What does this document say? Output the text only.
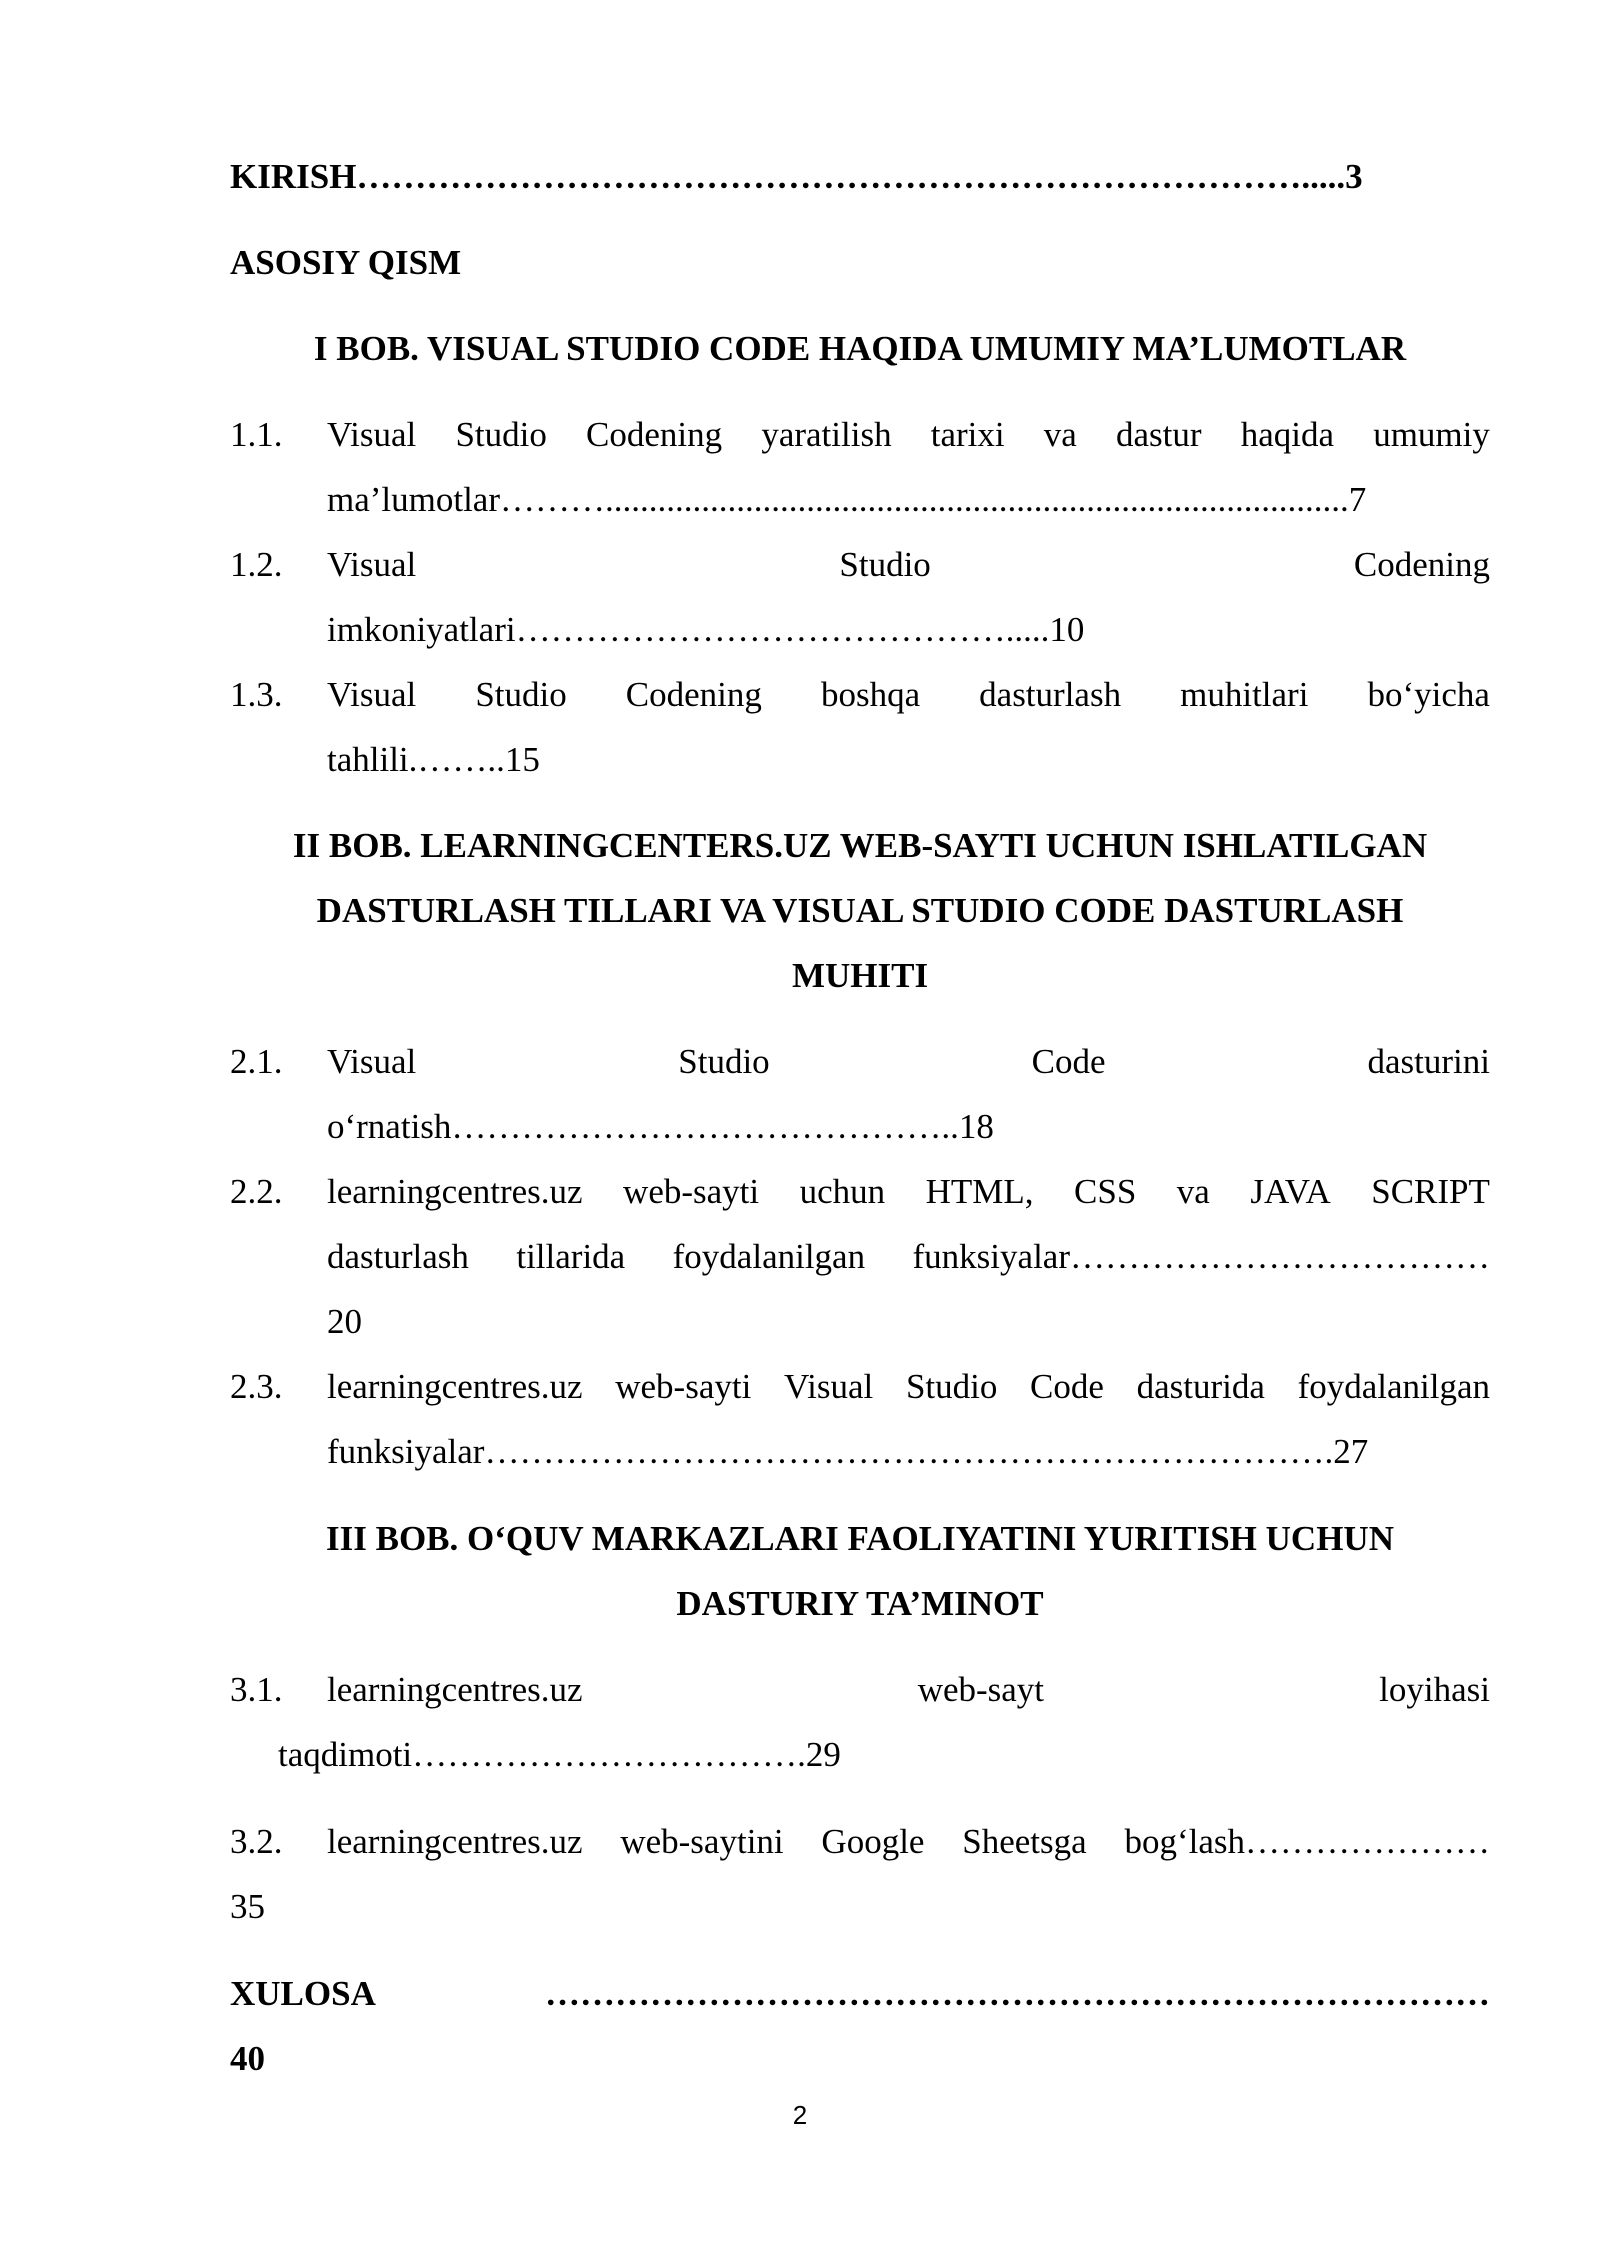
KIRISH……………………………………………………………………….....3
ASOSIY QISM
I BOB. VISUAL STUDIO CODE HAQIDA UMUMIY MA’LUMOTLAR
1.1. Visual Studio Codening yaratilish tarixi va dastur haqida umumiy
ma’lumotlar……….....................................................................................7
1.2. Visual	Studio	Codening
imkoniyatlari…………………………………….....10
1.3. Visual Studio Codening boshqa dasturlash muhitlari bo‘yicha
tahlili.……..15
II BOB. LEARNINGCENTERS.UZ WEB-SAYTI UCHUN ISHLATILGAN
DASTURLASH TILLARI VA VISUAL STUDIO CODE DASTURLASH
MUHITI
2.1. Visual	Studio	Code	dasturini
o‘rnatish……………………………………..18
2.2. learningcentres.uz web-sayti uchun HTML, CSS va JAVA SCRIPT
dasturlash tillarida foydalanilgan funksiyalar………………………………
20
2.3. learningcentres.uz web-sayti Visual Studio Code dasturida foydalanilgan
funksiyalar……………………………………………………………….27
III BOB. O‘QUV MARKAZLARI FAOLIYATINI YURITISH UCHUN
DASTURIY TA’MINOT
3.1. learningcentres.uz	web-sayt	loyihasi
taqdimoti…………………………….29
3.2. learningcentres.uz web-saytini Google Sheetsga bog‘lash…………………
35
XULOSA	………………………………………………………………………
40
2
